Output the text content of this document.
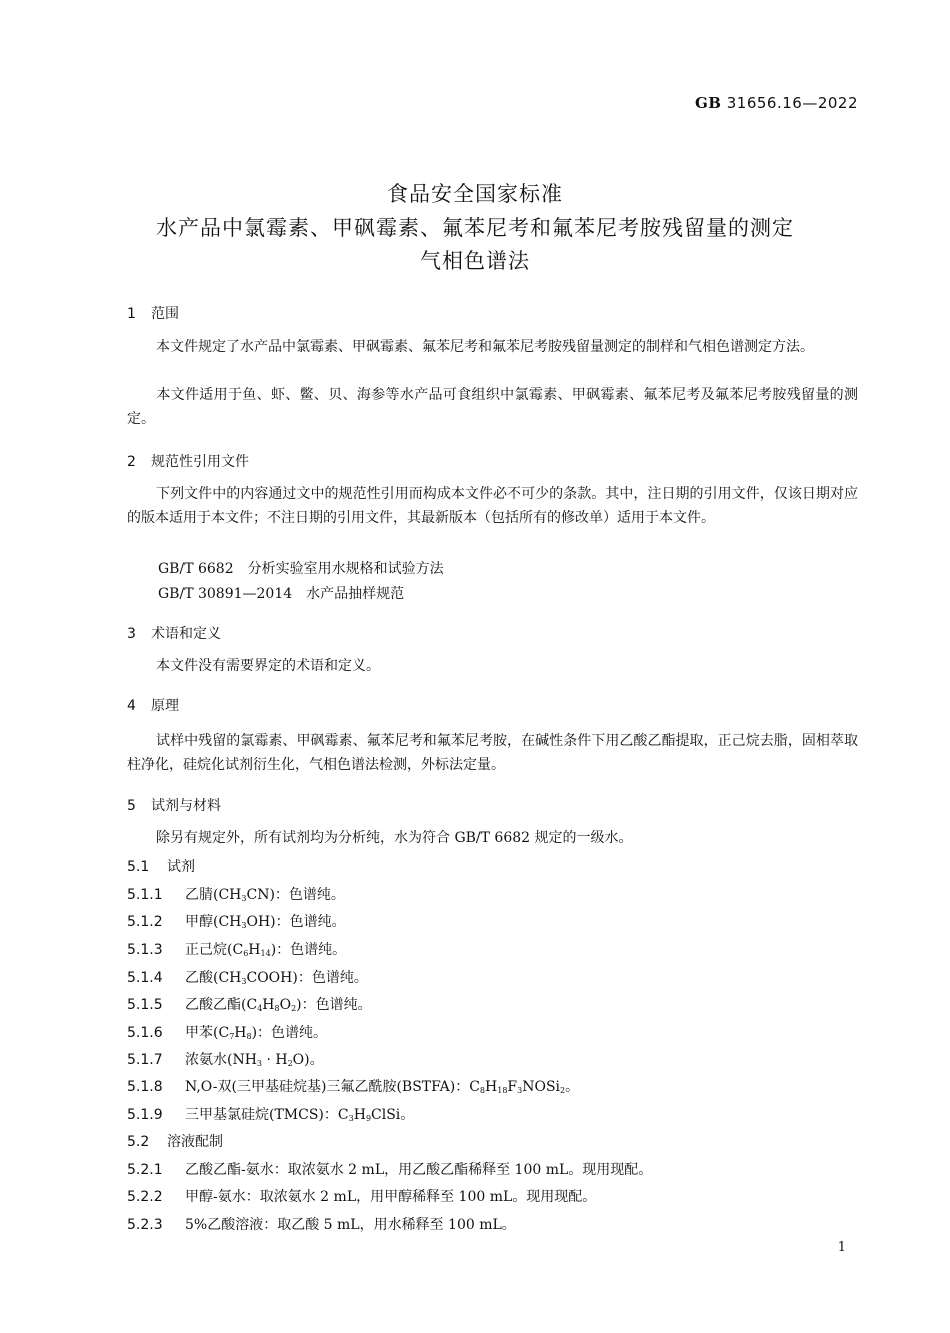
GB 31656.16—2022
食品安全国家标准
水产品中氯霉素、甲砜霉素、氟苯尼考和氟苯尼考胺残留量的测定
气相色谱法
1 范围
本文件规定了水产品中氯霉素、甲砜霉素、氟苯尼考和氟苯尼考胺残留量测定的制样和气相色谱测定方法。
本文件适用于鱼、虾、鳖、贝、海参等水产品可食组织中氯霉素、甲砜霉素、氟苯尼考及氟苯尼考胺残留量的测定。
2 规范性引用文件
下列文件中的内容通过文中的规范性引用而构成本文件必不可少的条款。其中，注日期的引用文件，仅该日期对应的版本适用于本文件；不注日期的引用文件，其最新版本（包括所有的修改单）适用于本文件。
GB/T 6682　分析实验室用水规格和试验方法
GB/T 30891—2014　水产品抽样规范
3 术语和定义
本文件没有需要界定的术语和定义。
4 原理
试样中残留的氯霉素、甲砜霉素、氟苯尼考和氟苯尼考胺，在碱性条件下用乙酸乙酯提取，正己烷去脂，固相萃取柱净化，硅烷化试剂衍生化，气相色谱法检测，外标法定量。
5 试剂与材料
除另有规定外，所有试剂均为分析纯，水为符合 GB/T 6682 规定的一级水。
5.1 试剂
5.1.1 乙腈$(CH_3CN)$：色谱纯。
5.1.2 甲醇$(CH_3OH)$：色谱纯。
5.1.3 正己烷$(C_6H_{14})$：色谱纯。
5.1.4 乙酸$(CH_3COOH)$：色谱纯。
5.1.5 乙酸乙酯$(C_4H_8O_2)$：色谱纯。
5.1.6 甲苯$(C_7H_8)$：色谱纯。
5.1.7 浓氨水$(NH_3 \cdot H_2O)$。
5.1.8 N,O-双(三甲基硅烷基)三氟乙酰胺(BSTFA)：$C_8H_{18}F_3NOSi_2$。
5.1.9 三甲基氯硅烷(TMCS)：$C_3H_9ClSi$。
5.2 溶液配制
5.2.1 乙酸乙酯-氨水：取浓氨水 2 mL，用乙酸乙酯稀释至 100 mL。现用现配。
5.2.2 甲醇-氨水：取浓氨水 2 mL，用甲醇稀释至 100 mL。现用现配。
5.2.3 5%乙酸溶液：取乙酸 5 mL，用水稀释至 100 mL。
1
